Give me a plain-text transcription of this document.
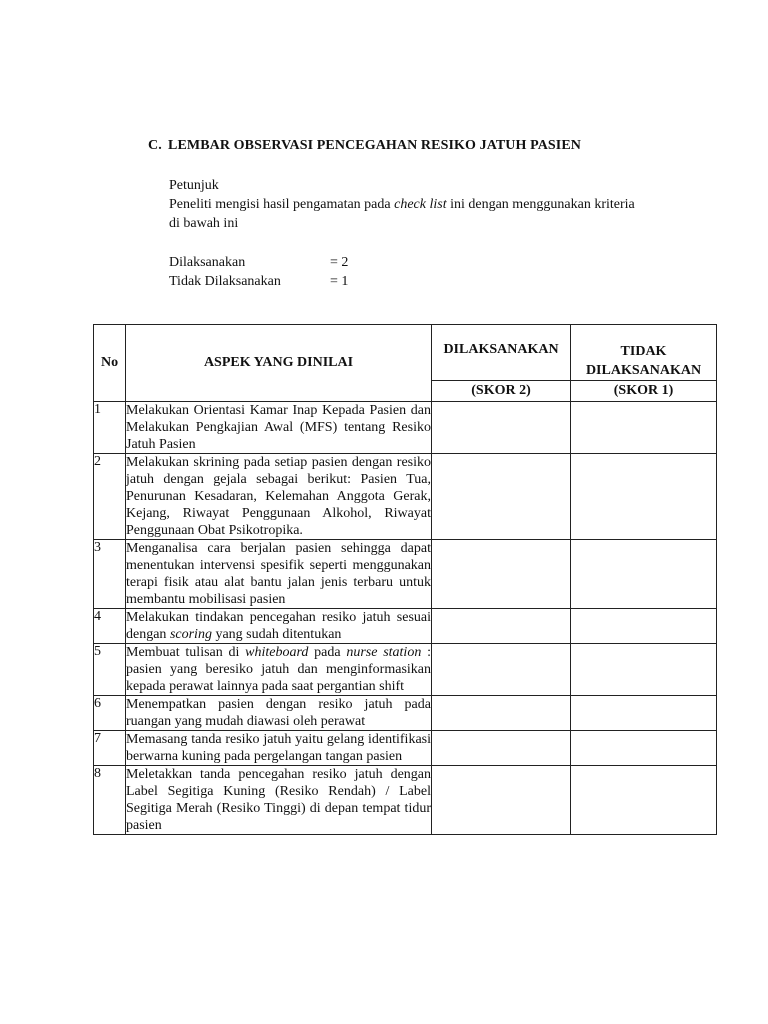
C. LEMBAR OBSERVASI PENCEGAHAN RESIKO JATUH PASIEN

Petunjuk

Peneliti mengisi hasil pengamatan pada check list ini dengan menggunakan kriteria di bawah ini

Dilaksanakan	= 2
Tidak Dilaksanakan	= 1
No	ASPEK YANG DINILAI	DILAKSANAKAN	TIDAK DILAKSANAKAN
		(SKOR 2)	(SKOR 1)
1	Melakukan Orientasi Kamar Inap Kepada Pasien dan Melakukan Pengkajian Awal (MFS) tentang Resiko Jatuh Pasien		
2	Melakukan skrining pada setiap pasien dengan resiko jatuh dengan gejala sebagai berikut: Pasien Tua, Penurunan Kesadaran, Kelemahan Anggota Gerak, Kejang, Riwayat Penggunaan Alkohol, Riwayat Penggunaan Obat Psikotropika.		
3	Menganalisa cara berjalan pasien sehingga dapat menentukan intervensi spesifik seperti menggunakan terapi fisik atau alat bantu jalan jenis terbaru untuk membantu mobilisasi pasien		
4	Melakukan tindakan pencegahan resiko jatuh sesuai dengan scoring yang sudah ditentukan		
5	Membuat tulisan di whiteboard pada nurse station : pasien yang beresiko jatuh dan menginformasikan kepada perawat lainnya pada saat pergantian shift		
6	Menempatkan pasien dengan resiko jatuh pada ruangan yang mudah diawasi oleh perawat		
7	Memasang tanda resiko jatuh yaitu gelang identifikasi berwarna kuning pada pergelangan tangan pasien		
8	Meletakkan tanda pencegahan resiko jatuh dengan Label Segitiga Kuning (Resiko Rendah) / Label Segitiga Merah (Resiko Tinggi) di depan tempat tidur pasien		
